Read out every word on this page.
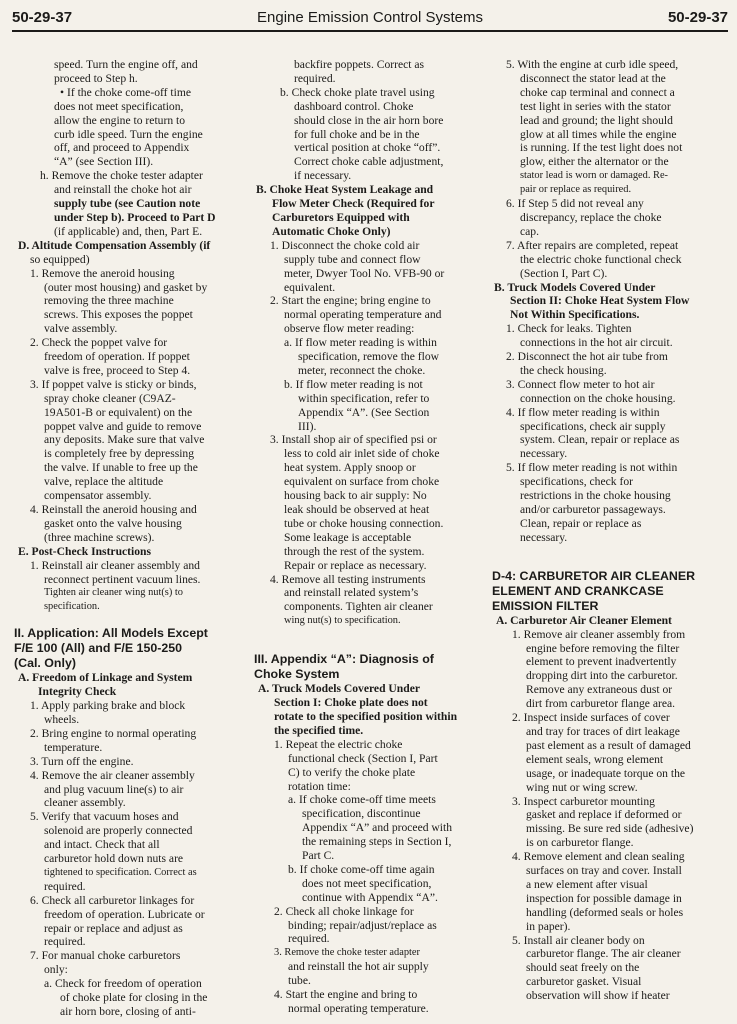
50-29-37	Engine Emission Control Systems	50-29-37
speed. Turn the engine off, and
proceed to Step h.
• If the choke come-off time
does not meet specification,
allow the engine to return to
curb idle speed. Turn the engine
off, and proceed to Appendix
“A” (see Section III).
h. Remove the choke tester adapter
and reinstall the choke hot air
supply tube (see Caution note
under Step b). Proceed to Part D
(if applicable) and, then, Part E.
D. Altitude Compensation Assembly (if
so equipped)
1. Remove the aneroid housing
(outer most housing) and gasket by
removing the three machine
screws. This exposes the poppet
valve assembly.
2. Check the poppet valve for
freedom of operation. If poppet
valve is free, proceed to Step 4.
3. If poppet valve is sticky or binds,
spray choke cleaner (C9AZ-
19A501-B or equivalent) on the
poppet valve and guide to remove
any deposits. Make sure that valve
is completely free by depressing
the valve. If unable to free up the
valve, replace the altitude
compensator assembly.
4. Reinstall the aneroid housing and
gasket onto the valve housing
(three machine screws).
E. Post-Check Instructions
1. Reinstall air cleaner assembly and
reconnect pertinent vacuum lines.
Tighten air cleaner wing nut(s) to
specification.
II. Application: All Models Except
F/E 100 (All) and F/E 150-250
(Cal. Only)
A. Freedom of Linkage and System
Integrity Check
1. Apply parking brake and block
wheels.
2. Bring engine to normal operating
temperature.
3. Turn off the engine.
4. Remove the air cleaner assembly
and plug vacuum line(s) to air
cleaner assembly.
5. Verify that vacuum hoses and
solenoid are properly connected
and intact. Check that all
carburetor hold down nuts are
tightened to specification. Correct as
required.
6. Check all carburetor linkages for
freedom of operation. Lubricate or
repair or replace and adjust as
required.
7. For manual choke carburetors
only:
a. Check for freedom of operation
of choke plate for closing in the
air horn bore, closing of anti-
backfire poppets. Correct as
required.
b. Check choke plate travel using
dashboard control. Choke
should close in the air horn bore
for full choke and be in the
vertical position at choke “off”.
Correct choke cable adjustment,
if necessary.
B. Choke Heat System Leakage and
Flow Meter Check (Required for
Carburetors Equipped with
Automatic Choke Only)
1. Disconnect the choke cold air
supply tube and connect flow
meter, Dwyer Tool No. VFB-90 or
equivalent.
2. Start the engine; bring engine to
normal operating temperature and
observe flow meter reading:
a. If flow meter reading is within
specification, remove the flow
meter, reconnect the choke.
b. If flow meter reading is not
within specification, refer to
Appendix “A”. (See Section
III).
3. Install shop air of specified psi or
less to cold air inlet side of choke
heat system. Apply snoop or
equivalent on surface from choke
housing back to air supply: No
leak should be observed at heat
tube or choke housing connection.
Some leakage is acceptable
through the rest of the system.
Repair or replace as necessary.
4. Remove all testing instruments
and reinstall related system’s
components. Tighten air cleaner
wing nut(s) to specification.
III. Appendix “A”: Diagnosis of
Choke System
A. Truck Models Covered Under
Section I: Choke plate does not
rotate to the specified position within
the specified time.
1. Repeat the electric choke
functional check (Section I, Part
C) to verify the choke plate
rotation time:
a. If choke come-off time meets
specification, discontinue
Appendix “A” and proceed with
the remaining steps in Section I,
Part C.
b. If choke come-off time again
does not meet specification,
continue with Appendix “A”.
2. Check all choke linkage for
binding; repair/adjust/replace as
required.
3. Remove the choke tester adapter
and reinstall the hot air supply
tube.
4. Start the engine and bring to
normal operating temperature.
5. With the engine at curb idle speed,
disconnect the stator lead at the
choke cap terminal and connect a
test light in series with the stator
lead and ground; the light should
glow at all times while the engine
is running. If the test light does not
glow, either the alternator or the
stator lead is worn or damaged. Re-
pair or replace as required.
6. If Step 5 did not reveal any
discrepancy, replace the choke
cap.
7. After repairs are completed, repeat
the electric choke functional check
(Section I, Part C).
B. Truck Models Covered Under
Section II: Choke Heat System Flow
Not Within Specifications.
1. Check for leaks. Tighten
connections in the hot air circuit.
2. Disconnect the hot air tube from
the check housing.
3. Connect flow meter to hot air
connection on the choke housing.
4. If flow meter reading is within
specifications, check air supply
system. Clean, repair or replace as
necessary.
5. If flow meter reading is not within
specifications, check for
restrictions in the choke housing
and/or carburetor passageways.
Clean, repair or replace as
necessary.
D-4: CARBURETOR AIR CLEANER
ELEMENT AND CRANKCASE
EMISSION FILTER
A. Carburetor Air Cleaner Element
1. Remove air cleaner assembly from
engine before removing the filter
element to prevent inadvertently
dropping dirt into the carburetor.
Remove any extraneous dust or
dirt from carburetor flange area.
2. Inspect inside surfaces of cover
and tray for traces of dirt leakage
past element as a result of damaged
element seals, wrong element
usage, or inadequate torque on the
wing nut or wing screw.
3. Inspect carburetor mounting
gasket and replace if deformed or
missing. Be sure red side (adhesive)
is on carburetor flange.
4. Remove element and clean sealing
surfaces on tray and cover. Install
a new element after visual
inspection for possible damage in
handling (deformed seals or holes
in paper).
5. Install air cleaner body on
carburetor flange. The air cleaner
should seat freely on the
carburetor gasket. Visual
observation will show if heater
